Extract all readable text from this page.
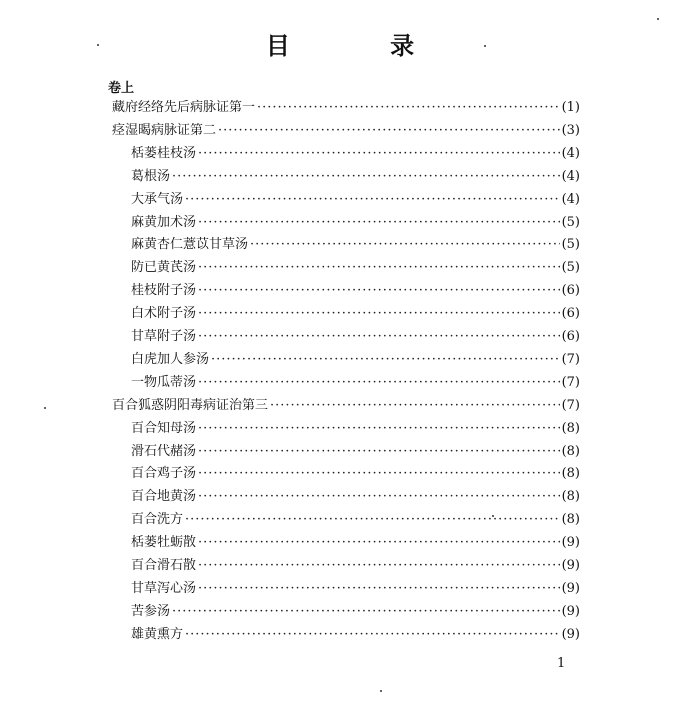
目 录
卷上
藏府经络先后病脉证第一 ·····	(1)
痉湿暍病脉证第二 ·····	(3)
栝蒌桂枝汤 ·····	(4)
葛根汤 ·····	(4)
大承气汤 ·····	(4)
麻黄加术汤 ·····	(5)
麻黄杏仁薏苡甘草汤 ·····	(5)
防已黄芪汤 ·····	(5)
桂枝附子汤 ·····	(6)
白术附子汤 ·····	(6)
甘草附子汤 ·····	(6)
白虎加人参汤 ·····	(7)
一物瓜蒂汤 ·····	(7)
百合狐惑阴阳毒病证治第三 ·····	(7)
百合知母汤 ·····	(8)
滑石代赭汤 ·····	(8)
百合鸡子汤 ·····	(8)
百合地黄汤 ·····	(8)
百合洗方 ·····	(8)
栝蒌牡蛎散 ·····	(9)
百合滑石散 ·····	(9)
甘草泻心汤 ·····	(9)
苦参汤 ·····	(9)
雄黄熏方 ·····	(9)
1
